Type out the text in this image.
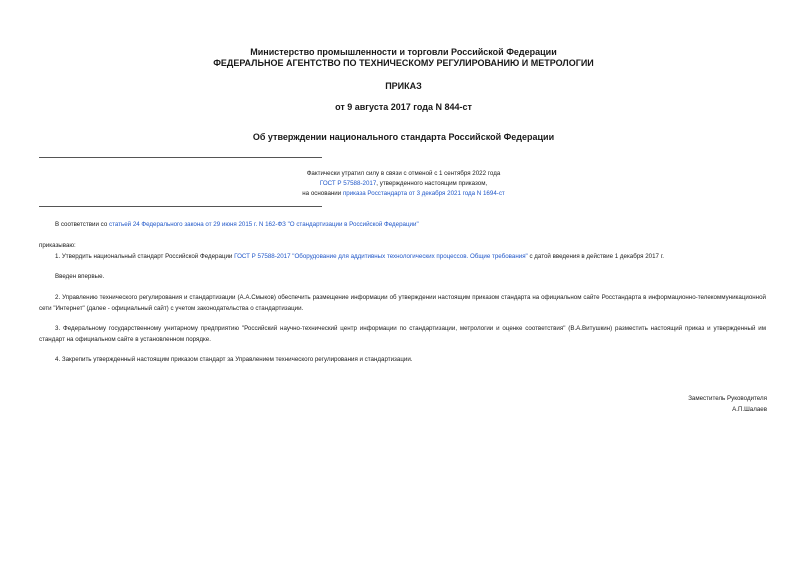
Министерство промышленности и торговли Российской Федерации
ФЕДЕРАЛЬНОЕ АГЕНТСТВО ПО ТЕХНИЧЕСКОМУ РЕГУЛИРОВАНИЮ И МЕТРОЛОГИИ
ПРИКАЗ
от 9 августа 2017 года N 844-ст
Об утверждении национального стандарта Российской Федерации
Фактически утратил силу в связи с отменой с 1 сентября 2022 года
ГОСТ Р 57588-2017, утвержденного настоящим приказом,
на основании приказа Росстандарта от 3 декабря 2021 года N 1694-ст
В соответствии со статьей 24 Федерального закона от 29 июня 2015 г. N 162-ФЗ "О стандартизации в Российской Федерации"
приказываю:
1. Утвердить национальный стандарт Российской Федерации ГОСТ Р 57588-2017 "Оборудование для аддитивных технологических процессов. Общие требования" с датой введения в действие 1 декабря 2017 г.
Введен впервые.
2. Управлению технического регулирования и стандартизации (А.А.Смыков) обеспечить размещение информации об утверждении настоящим приказом стандарта на официальном сайте Росстандарта в информационно-телекоммуникационной сети "Интернет" (далее - официальный сайт) с учетом законодательства о стандартизации.
3. Федеральному государственному унитарному предприятию "Российский научно-технический центр информации по стандартизации, метрологии и оценке соответствия" (В.А.Витушкин) разместить настоящий приказ и утвержденный им стандарт на официальном сайте в установленном порядке.
4. Закрепить утвержденный настоящим приказом стандарт за Управлением технического регулирования и стандартизации.
Заместитель Руководителя
А.П.Шалаев
